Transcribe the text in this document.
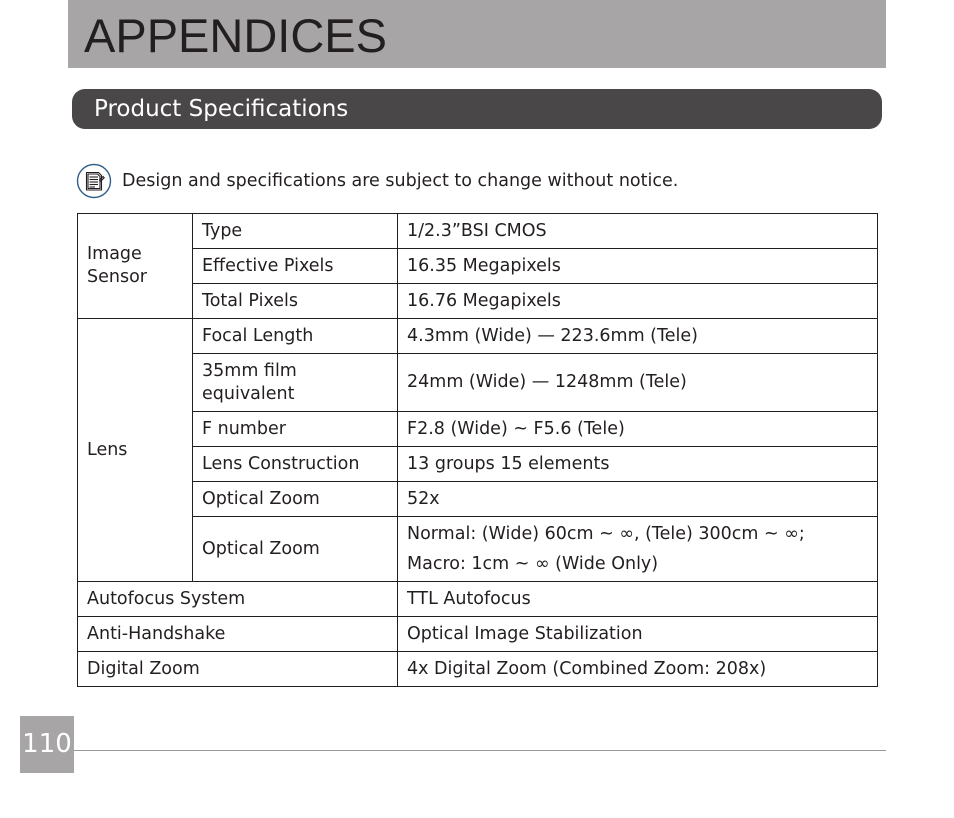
APPENDICES
Product Specifications
Design and specifications are subject to change without notice.
Image Sensor	Type	1/2.3”BSI CMOS
	Effective Pixels	16.35 Megapixels
	Total Pixels	16.76 Megapixels
Lens	Focal Length	4.3mm (Wide) — 223.6mm (Tele)
	35mm film equivalent	24mm (Wide) — 1248mm (Tele)
	F number	F2.8 (Wide) ~ F5.6 (Tele)
	Lens Construction	13 groups 15 elements
	Optical Zoom	52x
	Optical Zoom	Normal: (Wide) 60cm ~ ∞, (Tele) 300cm ~ ∞;
Macro: 1cm ~ ∞ (Wide Only)

Autofocus System		TTL Autofocus
Anti-Handshake		Optical Image Stabilization
Digital Zoom		4x Digital Zoom (Combined Zoom: 208x)
110
